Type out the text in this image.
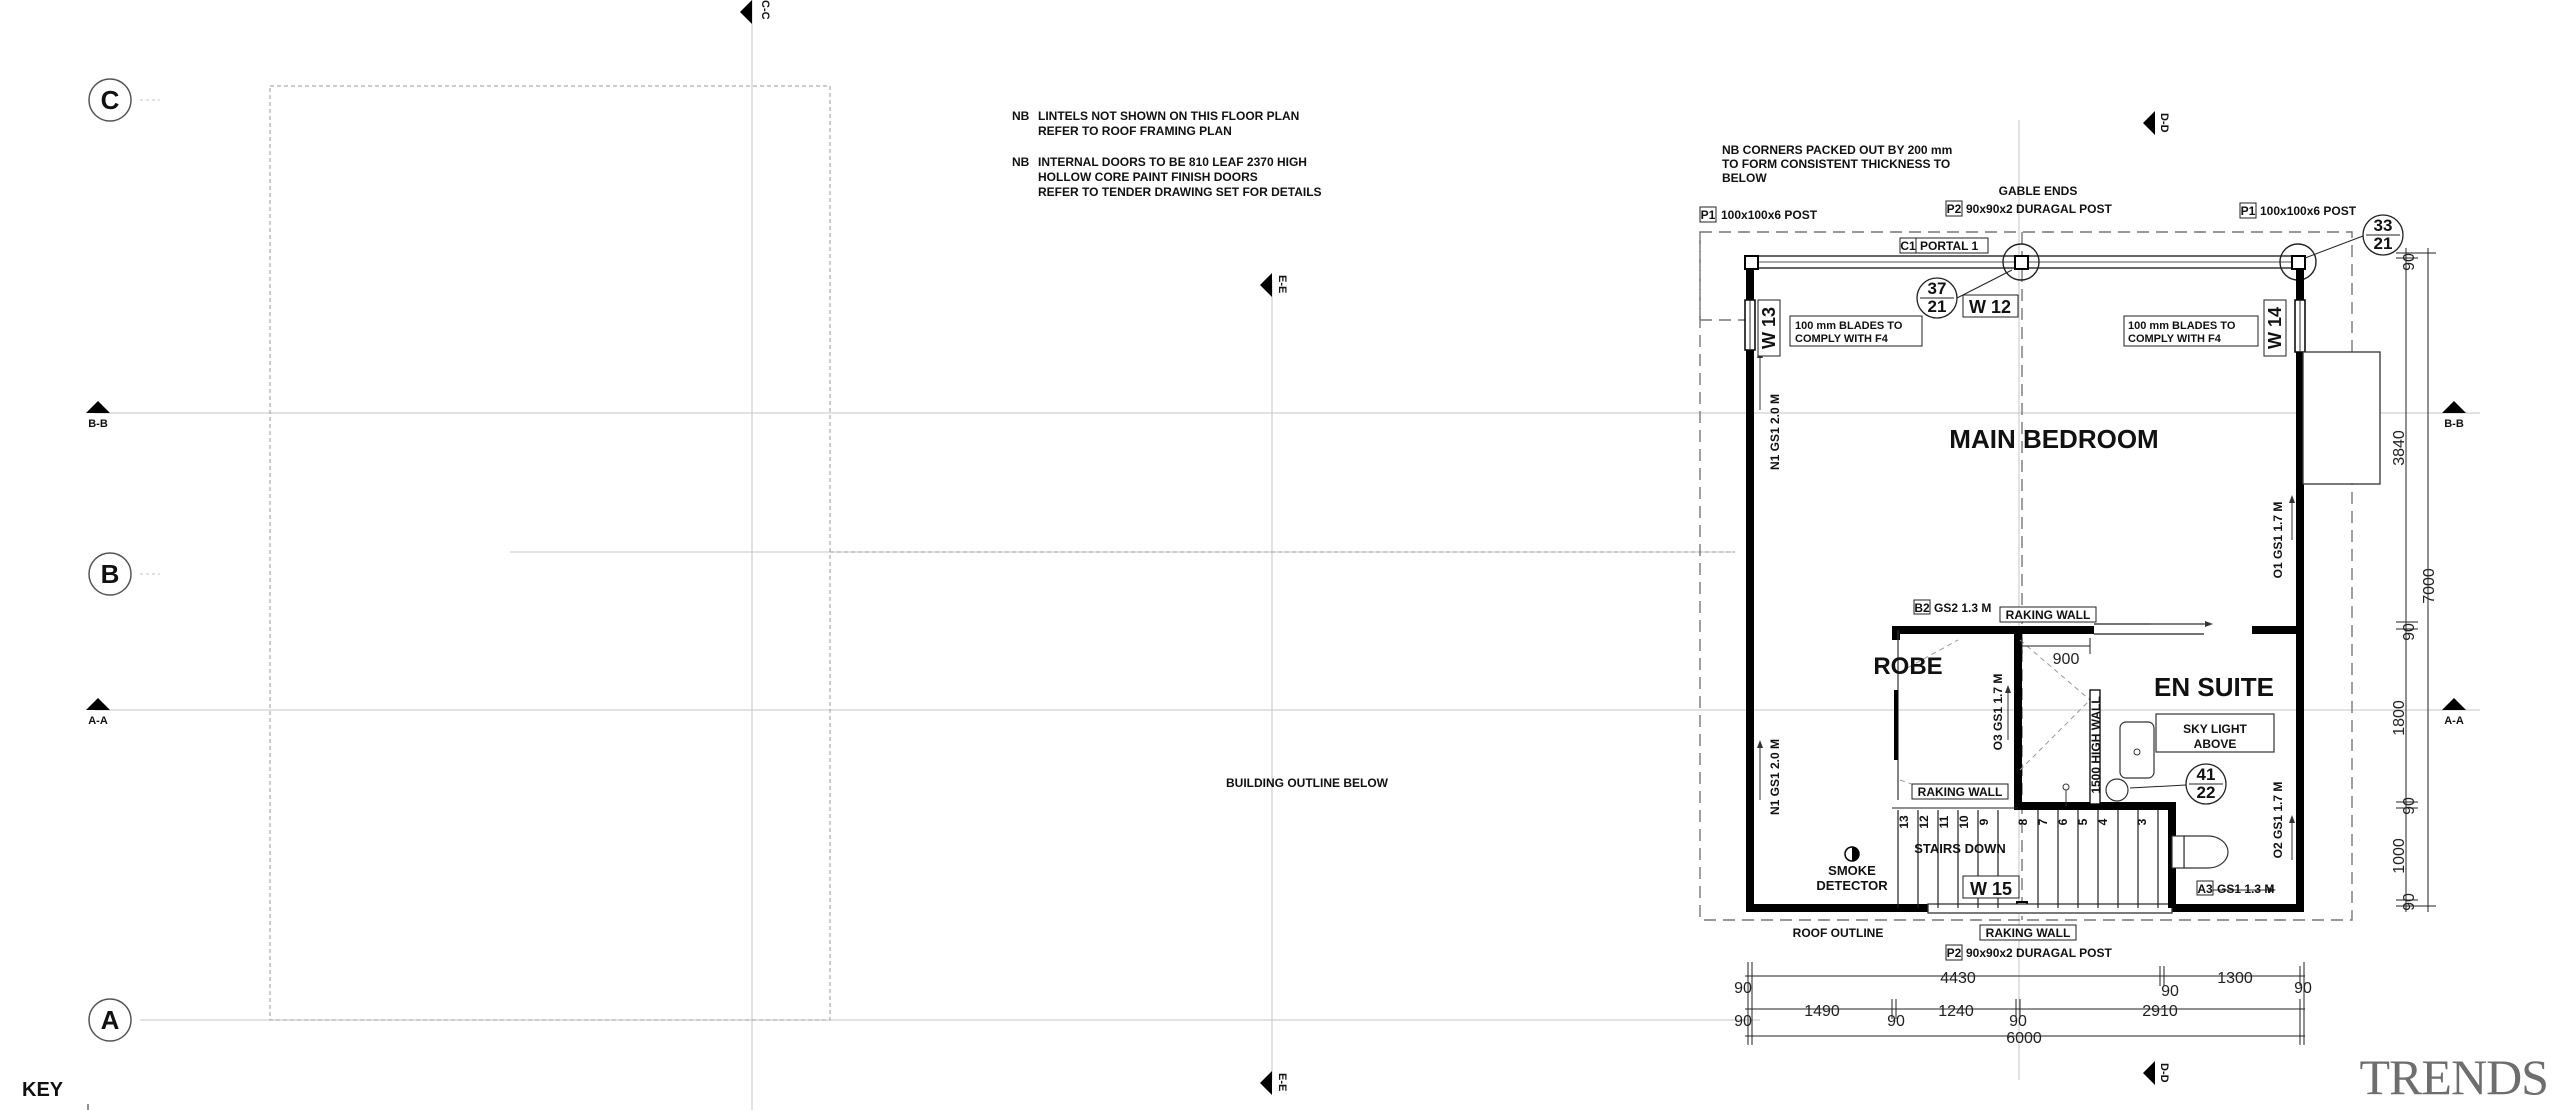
C
B
A
C-C
E-E
E-E
D-D
D-D
B-B	B-B
A-A	A-A
NB LINTELS NOT SHOWN ON THIS FLOOR PLAN
REFER TO ROOF FRAMING PLAN
NB INTERNAL DOORS TO BE 810 LEAF 2370 HIGH
HOLLOW CORE PAINT FINISH DOORS
REFER TO TENDER DRAWING SET FOR DETAILS
BUILDING OUTLINE BELOW
NB CORNERS PACKED OUT BY 200 mm
TO FORM CONSISTENT THICKNESS TO
BELOW
GABLE ENDS
P1 100x100x6 POST	P2 90x90x2 DURAGAL POST	P1 100x100x6 POST
C1 PORTAL 1
37
21
33
21
41
22
W 12
W 13	W 14
W 15
100 mm BLADES TO
COMPLY WITH F4
100 mm BLADES TO
COMPLY WITH F4
MAIN BEDROOM
ROBE
EN SUITE
N1 GS1 2.0 M
N1 GS1 2.0 M
O1 GS1 1.7 M
O2 GS1 1.7 M
O3 GS1 1.7 M
B2 GS2 1.3 M
A3 GS1 1.3 M
RAKING WALL
RAKING WALL
RAKING WALL
1500 HIGH WALL	SKY LIGHT
ABOVE
STAIRS DOWN
SMOKE
DETECTOR
13 12 11 10 9 8 7 6 5 4 3
ROOF OUTLINE
P2 90x90x2 DURAGAL POST
900
4430
90	90
1300
90
90
1490
90
1240
90
2910
6000
90
3840
7000
90
1800
90
1000
90
KEY	TRENDS
